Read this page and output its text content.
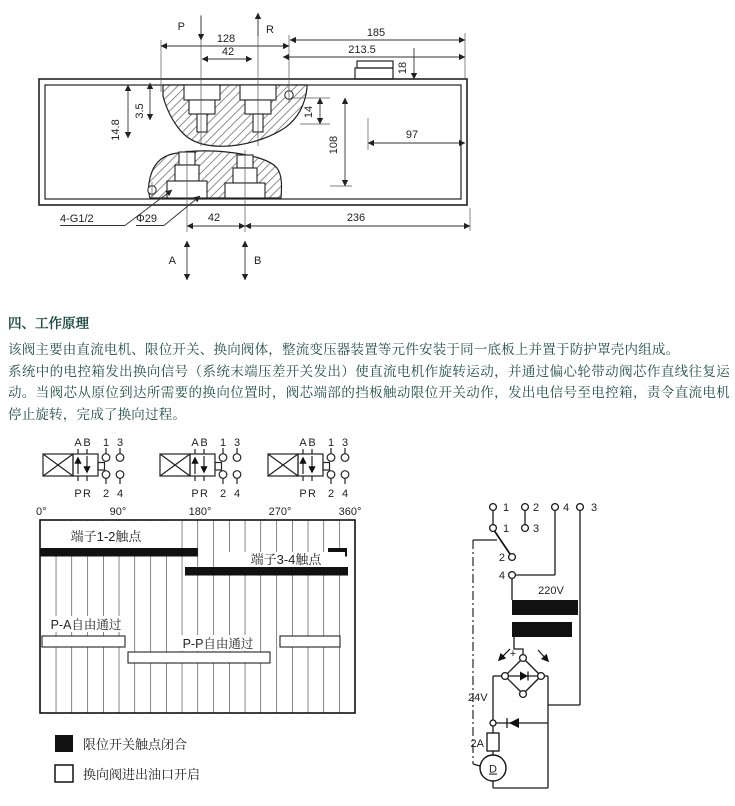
P	R
128
42
185
213.5
18
14.8
3.5	14
108
97
42	236
4-G1/2	Φ29
A	B
四、工作原理

该阀主要由直流电机、限位开关、换向阀体，整流变压器装置等元件安装于同一底板上并置于防护罩壳内组成。

系统中的电控箱发出换向信号（系统末端压差开关发出）使直流电机作旋转运动，并通过偏心轮带动阀芯作直线往复运动。当阀芯从原位到达所需要的换向位置时，阀芯端部的挡板触动限位开关动作，发出电信号至电控箱，责令直流电机停止旋转，完成了换向过程。

A B 1 3
P R 2 4
A B 1 3
P R 2 4
A B 1 3
P R 2 4
0°	90°	180°	270°	360°
端子1-2触点
端子3-4触点
P-A自由通过
P-P自由通过
限位开关触点闭合
换向阀进出油口开启
1 2 4 3
1 3
2
4
220V
+
24V
2A
D
